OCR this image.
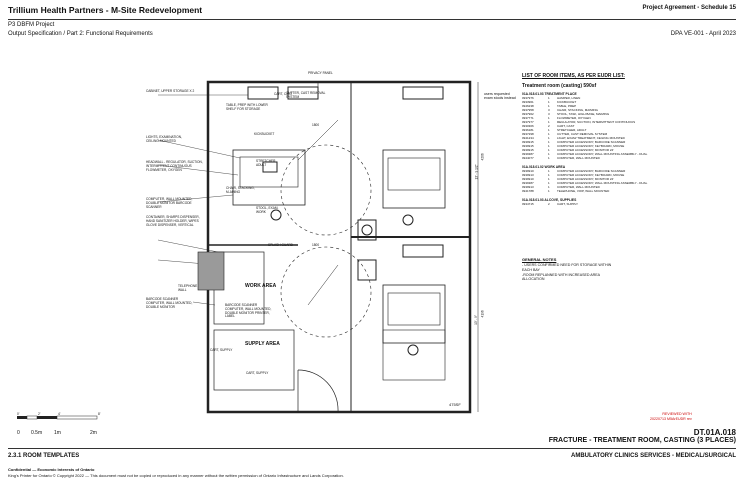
Trillium Health Partners - M-Site Redevelopment	Project Agreement - Schedule 15
P3 DBFM Project
Output Specification / Part 2: Functional Requirements	DPA VE-001 - April 2023
PRIVACY PANEL
CABINET, UPPER STORAGE X 2
TABLE, PREP WITH LOWER SHELF FOR STORAGE
CUTTER, CAST REMOVAL SYSTEM
CART, CAST
KICKBUCKET
LIGHTS, EXAMINATION, CEILING-MOUNTED
HEADWALL - REGULATOR, SUCTION, INTERMITTENT CONTINUOUS FLOWMETER, OXYGEN
STRETCHER, ADULT
CHAIR, STACKING, M-AMING
STOOL, EXAM, WORK
COMPUTER, WALL MOUNTED, DOUBLE MONITOR BARCODE SCANNER
CONTAINER, SHARPS DISPENSER, HAND SANITIZER HOLDER, WIPES GLOVE DISPENSER, VERTICAL
SPLASH GUARD
WORK AREA
TELEPHONE WALL
BARCODE SCANNER COMPUTER, WALL MOUNTED, DOUBLE MONITOR	BARCODE SCANNER COMPUTER, WALL MOUNTED, DOUBLE MONITOR PRINTER, LABEL
SUPPLY AREA
CART, SUPPLY
CART, SUPPLY
4206
13' - 9 1/2"
4196
13' - 9"
475SF
1800
1800
LIST OF ROOM ITEMS, AS PER EUDR LIST:
Treatment room (casting) 590sf
users requested exam stools instead
01A.018.01.03 TREATMENT PLACE
0937976	1 HAMPER, LINEN
0933961	1 KICKBUCKET
0946238	1 TABLE, PREP
0937958	3 CHAIR, STACKING, MAIMING
0937962	3 STOOL, TASK, HIGH BASE, MAIMING
0937771	1 FLOWMETER, OXYGEN
0937977	1 REGULATOR, SUCTION, INTERMITTENT CONTINUOUS
0930306	2 CART, CAST
0936181	1 STRETCHER, ADULT
0937298	1 CUTTER, CAST REMOVAL SYSTEM
0941234	1 LIGHT, EXAM/ TREATMENT, CEILING MOUNTED
0939915	1 COMPUTER ACCESSORY, BARCODE SCANNER
0939915	1 COMPUTER ACCESSORY, KEYBOARD, MOUSE
0939915	1 COMPUTER ACCESSORY, MONITOR 24'
0939387	1 COMPUTER ACCESSORY, WALL MOUNTING ASSEMBLY - DUAL
0944077	1 COMPUTER, WALL MOUNTED
01A.018.01.02 WORK AREA
0939910	1 COMPUTER ACCESSORY, BARCODE SCANNER
0939913	1 COMPUTER ACCESSORY, KEYBOARD, MOUSE
0939910	1 COMPUTER ACCESSORY, MONITOR 24'
0939387	1 COMPUTER ACCESSORY, WALL MOUNTING ASSEMBLY - DUAL
0939913	1 COMPUTER, WALL MOUNTED
0941788	1 TELEPHONE, VOIP, WALL MOUNTED
01A.018.01.03 ALCOVE, SUPPLIES
0934715	2 CART, SUPPLY
GENERAL NOTES
- USERS CONFIRMED NEED FOR STORAGE WITHIN
EACH BAY
-ROOM REPLANNED WITH INCREASED AREA
ALLOCATION
0'	2'	4'	8'
0 0.5m 1m	2m
REVIEWED WITH
20220713 M5ArEUDR rev
DT.01A.018
FRACTURE - TREATMENT ROOM, CASTING (3 PLACES)
2.3.1 ROOM TEMPLATES	AMBULATORY CLINICS SERVICES - MEDICAL/SURGICAL
Confidential — Economic Interests of Ontario
King's Printer for Ontario © Copyright 2022 — This document must not be copied or reproduced in any manner without the written permission of Ontario Infrastructure and Lands Corporation.
